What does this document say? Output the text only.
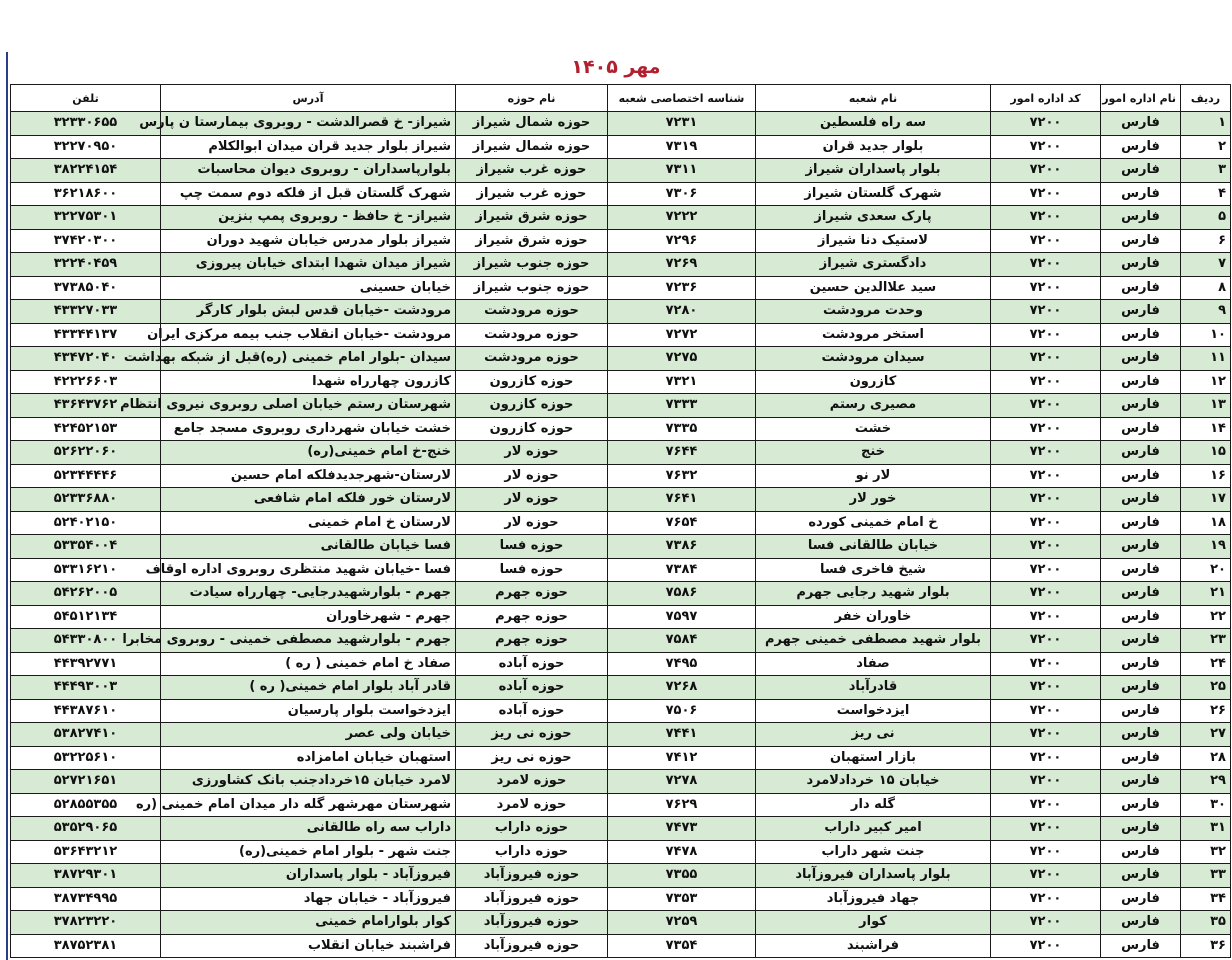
مهر ۱۴۰۵
ردیف	نام اداره امور	کد اداره امور	نام شعبه	شناسه اختصاصی شعبه	نام حوزه	آدرس	تلفن
۱	فارس	۷۲۰۰	سه راه فلسطین	۷۲۳۱	حوزه شمال شیراز	شیراز- خ قصرالدشت - روبروی بیمارستا ن پارس	۳۲۳۳۰۶۵۵
۲	فارس	۷۲۰۰	بلوار جدید قران	۷۳۱۹	حوزه شمال شیراز	شیراز بلوار جدید قران میدان ابوالکلام	۳۲۲۷۰۹۵۰
۳	فارس	۷۲۰۰	بلوار پاسداران شیراز	۷۳۱۱	حوزه غرب شیراز	بلوارپاسداران - روبروی دیوان محاسبات	۳۸۲۲۴۱۵۴
۴	فارس	۷۲۰۰	شهرک گلستان شیراز	۷۳۰۶	حوزه غرب شیراز	شهرک گلستان قبل از فلکه دوم سمت چپ	۳۶۲۱۸۶۰۰
۵	فارس	۷۲۰۰	پارک سعدی شیراز	۷۲۲۲	حوزه شرق شیراز	شیراز- خ حافظ - روبروی پمپ بنزین	۳۲۲۷۵۳۰۱
۶	فارس	۷۲۰۰	لاستیک دنا شیراز	۷۲۹۶	حوزه شرق شیراز	شیراز بلوار مدرس خیابان شهید دوران	۳۷۴۲۰۳۰۰
۷	فارس	۷۲۰۰	دادگستری شیراز	۷۲۶۹	حوزه جنوب شیراز	شیراز میدان شهدا ابتدای خیابان پیروزی	۳۲۲۴۰۴۵۹
۸	فارس	۷۲۰۰	سید علاالدین حسین	۷۲۳۶	حوزه جنوب شیراز	خیابان حسینی	۳۷۳۸۵۰۴۰
۹	فارس	۷۲۰۰	وحدت مرودشت	۷۲۸۰	حوزه مرودشت	مرودشت -خیابان قدس لبش بلوار کارگر	۴۳۳۲۷۰۳۳
۱۰	فارس	۷۲۰۰	استخر مرودشت	۷۲۷۲	حوزه مرودشت	مرودشت -خیابان انقلاب جنب بیمه مرکزی ایران	۴۳۳۴۴۱۳۷
۱۱	فارس	۷۲۰۰	سیدان مرودشت	۷۲۷۵	حوزه مرودشت	سیدان -بلوار امام خمینی (ره)قبل از شبکه بهداشت	۴۳۴۷۲۰۴۰
۱۲	فارس	۷۲۰۰	کازرون	۷۳۲۱	حوزه کازرون	کازرون چهارراه شهدا	۴۲۲۲۶۶۰۳
۱۳	فارس	۷۲۰۰	مصیری رستم	۷۳۳۳	حوزه کازرون	شهرستان رستم خیابان اصلی روبروی نیروی انتظام	۴۳۶۴۳۷۶۲
۱۴	فارس	۷۲۰۰	خشت	۷۳۳۵	حوزه کازرون	خشت خیابان شهرداری روبروی مسجد جامع	۴۲۴۵۲۱۵۳
۱۵	فارس	۷۲۰۰	خنج	۷۶۴۴	حوزه لار	خنج-خ امام خمینی(ره)	۵۲۶۲۲۰۶۰
۱۶	فارس	۷۲۰۰	لار نو	۷۶۳۲	حوزه لار	لارستان-شهرجدیدفلکه امام حسین	۵۲۳۴۴۴۴۶
۱۷	فارس	۷۲۰۰	خور لار	۷۶۴۱	حوزه لار	لارستان خور فلکه امام شافعی	۵۲۳۳۶۸۸۰
۱۸	فارس	۷۲۰۰	خ امام خمینی کورده	۷۶۵۴	حوزه لار	لارستان خ امام خمینی	۵۲۴۰۲۱۵۰
۱۹	فارس	۷۲۰۰	خیابان طالقانی فسا	۷۳۸۶	حوزه فسا	فسا خیابان طالقانی	۵۳۳۵۴۰۰۴
۲۰	فارس	۷۲۰۰	شیخ فاخری فسا	۷۳۸۴	حوزه فسا	فسا -خیابان شهید منتظری روبروی اداره اوقاف	۵۳۳۱۶۲۱۰
۲۱	فارس	۷۲۰۰	بلوار شهید رجایی جهرم	۷۵۸۶	حوزه جهرم	جهرم - بلوارشهیدرجایی- چهارراه سیادت	۵۴۲۶۲۰۰۵
۲۲	فارس	۷۲۰۰	خاوران خفر	۷۵۹۷	حوزه جهرم	جهرم - شهرخاوران	۵۴۵۱۲۱۳۴
۲۳	فارس	۷۲۰۰	بلوار شهید مصطفی خمینی جهرم	۷۵۸۴	حوزه جهرم	جهرم - بلوارشهید مصطفی خمینی - روبروی مخابرا	۵۴۳۳۰۸۰۰
۲۴	فارس	۷۲۰۰	صفاد	۷۴۹۵	حوزه آباده	صفاد خ امام خمینی ( ره )	۴۴۳۹۲۷۷۱
۲۵	فارس	۷۲۰۰	قادرآباد	۷۲۶۸	حوزه آباده	قادر آباد بلوار امام خمینی( ره )	۴۴۴۹۳۰۰۳
۲۶	فارس	۷۲۰۰	ایزدخواست	۷۵۰۶	حوزه آباده	ایزدخواست بلوار پارسیان	۴۴۳۸۷۶۱۰
۲۷	فارس	۷۲۰۰	نی ریز	۷۴۴۱	حوزه نی ریز	خیابان ولی عصر	۵۳۸۲۷۴۱۰
۲۸	فارس	۷۲۰۰	بازار استهبان	۷۴۱۲	حوزه نی ریز	استهبان خیابان امامزاده	۵۳۲۲۵۶۱۰
۲۹	فارس	۷۲۰۰	خیابان ۱۵ خردادلامرد	۷۲۷۸	حوزه لامرد	لامرد خیابان ۱۵خردادجنب بانک کشاورزی	۵۲۷۲۱۶۵۱
۳۰	فارس	۷۲۰۰	گله دار	۷۶۲۹	حوزه لامرد	شهرستان مهرشهر گله دار میدان امام خمینی (ره	۵۲۸۵۵۳۵۵
۳۱	فارس	۷۲۰۰	امیر کبیر داراب	۷۴۷۳	حوزه داراب	داراب سه راه طالقانی	۵۳۵۲۹۰۶۵
۳۲	فارس	۷۲۰۰	جنت شهر داراب	۷۴۷۸	حوزه داراب	جنت شهر - بلوار امام خمینی(ره)	۵۳۶۴۳۲۱۲
۳۳	فارس	۷۲۰۰	بلوار پاسداران فیروزآباد	۷۳۵۵	حوزه فیروزآباد	فیروزآباد - بلوار پاسداران	۳۸۷۲۹۳۰۱
۳۴	فارس	۷۲۰۰	جهاد فیروزآباد	۷۳۵۳	حوزه فیروزآباد	فیروزآباد - خیابان جهاد	۳۸۷۳۴۹۹۵
۳۵	فارس	۷۲۰۰	کوار	۷۲۵۹	حوزه فیروزآباد	کوار بلوارامام خمینی	۳۷۸۲۳۲۲۰
۳۶	فارس	۷۲۰۰	فراشبند	۷۳۵۴	حوزه فیروزآباد	فراشبند خیابان انقلاب	۳۸۷۵۲۳۸۱
